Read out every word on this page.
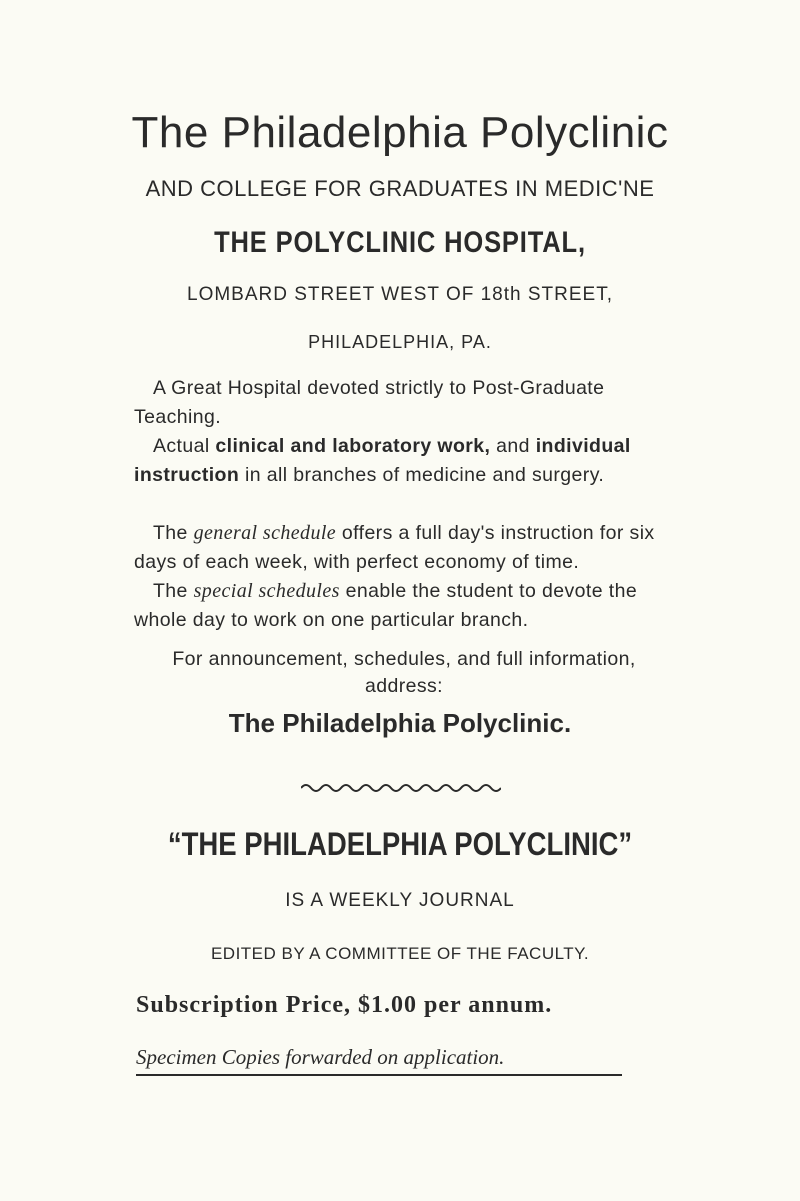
The Philadelphia Polyclinic
AND COLLEGE FOR GRADUATES IN MEDIC'NE
THE POLYCLINIC HOSPITAL,
LOMBARD STREET WEST OF 18th STREET,
PHILADELPHIA, PA.
A Great Hospital devoted strictly to Post-Graduate Teaching.
Actual clinical and laboratory work, and individual instruction in all branches of medicine and surgery.
The general schedule offers a full day's instruction for six days of each week, with perfect economy of time.
The special schedules enable the student to devote the whole day to work on one particular branch.
For announcement, schedules, and full information, address:
The Philadelphia Polyclinic.
“THE PHILADELPHIA POLYCLINIC”
IS A WEEKLY JOURNAL
EDITED BY A COMMITTEE OF THE FACULTY.
Subscription Price, $1.00 per annum.
Specimen Copies forwarded on application.
